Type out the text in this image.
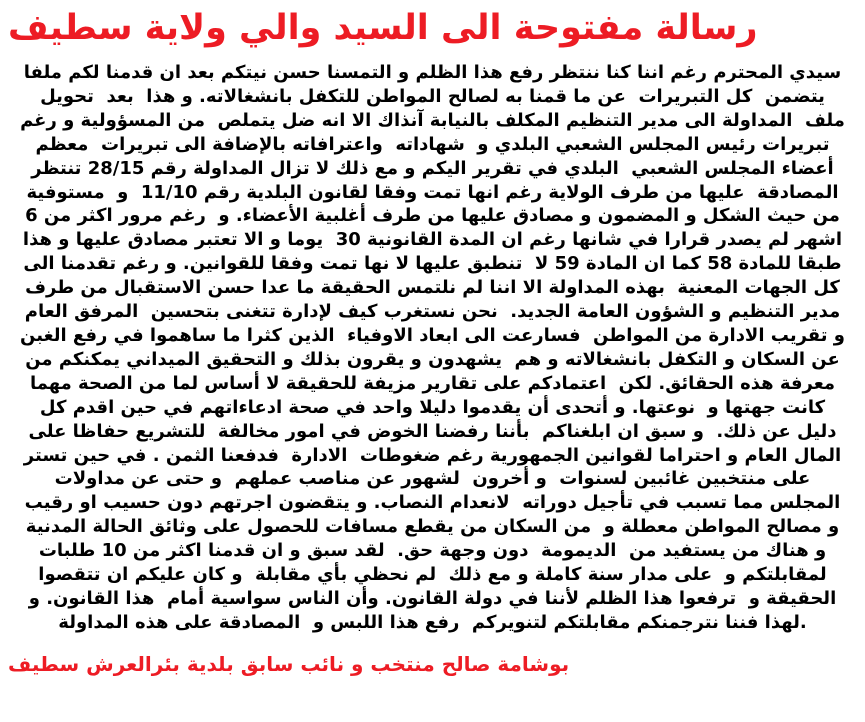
رسالة مفتوحة الى السيد والي ولاية سطيف
سيدي المحترم رغم اننا كنا ننتظر رفع هذا الظلم و التمسنا حسن نيتكم بعد ان قدمنا لكم ملفا
يتضمن  كل التبريرات  عن ما قمنا به لصالح المواطن للتكفل بانشغالاته. و هذا  بعد  تحويل
ملف  المداولة الى مدير التنظيم المكلف بالنيابة آنذاك الا انه ضل يتملص  من المسؤولية و رغم
تبريرات رئيس المجلس الشعبي البلدي و  شهاداته  واعترافاته بالإضافة الى تبريرات  معظم
أعضاء المجلس الشعبي  البلدي في تقرير اليكم و مع ذلك لا تزال المداولة رقم 28/15 تنتظر
المصادقة  عليها من طرف الولاية رغم انها تمت وفقا لقانون البلدية رقم 11/10  و  مستوفية
من حيث الشكل و المضمون و مصادق عليها من طرف أغلبية الأعضاء. و  رغم مرور اكثر من 6
اشهر لم يصدر قرارا في شانها رغم ان المدة القانونية 30  يوما و الا تعتبر مصادق عليها و هذا
طبقا للمادة 58 كما ان المادة 59 لا  تنطبق عليها لا نها تمت وفقا للقوانين. و رغم تقدمنا الى
كل الجهات المعنية  بهذه المداولة الا اننا لم نلتمس الحقيقة ما عدا حسن الاستقبال من طرف
مدير التنظيم و الشؤون العامة الجديد.  نحن نستغرب كيف لإدارة تتغنى بتحسين  المرفق العام
و تقريب الادارة من المواطن  فسارعت الى ابعاد الاوفياء  الذين كثرا ما ساهموا في رفع الغبن
عن السكان و التكفل بانشغالاته و هم  يشهدون و يقرون بذلك و التحقيق الميداني يمكنكم من
معرفة هذه الحقائق. لكن  اعتمادكم على تقارير مزيفة للحقيقة لا أساس لما من الصحة مهما
كانت جهتها و  نوعتها. و أتحدى أن يقدموا دليلا واحد في صحة ادعاءاتهم في حين اقدم كل
دليل عن ذلك.  و سبق ان ابلغناكم  بأننا رفضنا الخوض في امور مخالفة  للتشريع حفاظا على
المال العام و احتراما لقوانين الجمهورية رغم ضغوطات  الادارة  فدفعنا الثمن . في حين تستر
على منتخبين غائبين لسنوات  و أخرون  لشهور عن مناصب عملهم  و حتى عن مداولات
المجلس مما تسبب في تأجيل دوراته  لانعدام النصاب. و يتقضون اجرتهم دون حسيب او رقيب
و مصالح المواطن معطلة و  من السكان من يقطع مسافات للحصول على وثائق الحالة المدنية
و هناك من يستفيد من  الديمومة  دون وجهة حق.  لقد سبق و ان قدمنا اكثر من 10 طلبات
لمقابلتكم و  على مدار سنة كاملة و مع ذلك  لم نحظي بأي مقابلة  و كان عليكم ان تتقصوا
الحقيقة و  ترفعوا هذا الظلم لأننا في دولة القانون. وأن الناس سواسية أمام  هذا القانون. و
.لهذا فننا نترجمنكم مقابلتكم لتنويركم  رفع هذا اللبس و  المصادقة على هذه المداولة
بوشامة صالح منتخب و نائب سابق بلدية بئرالعرش سطيف
